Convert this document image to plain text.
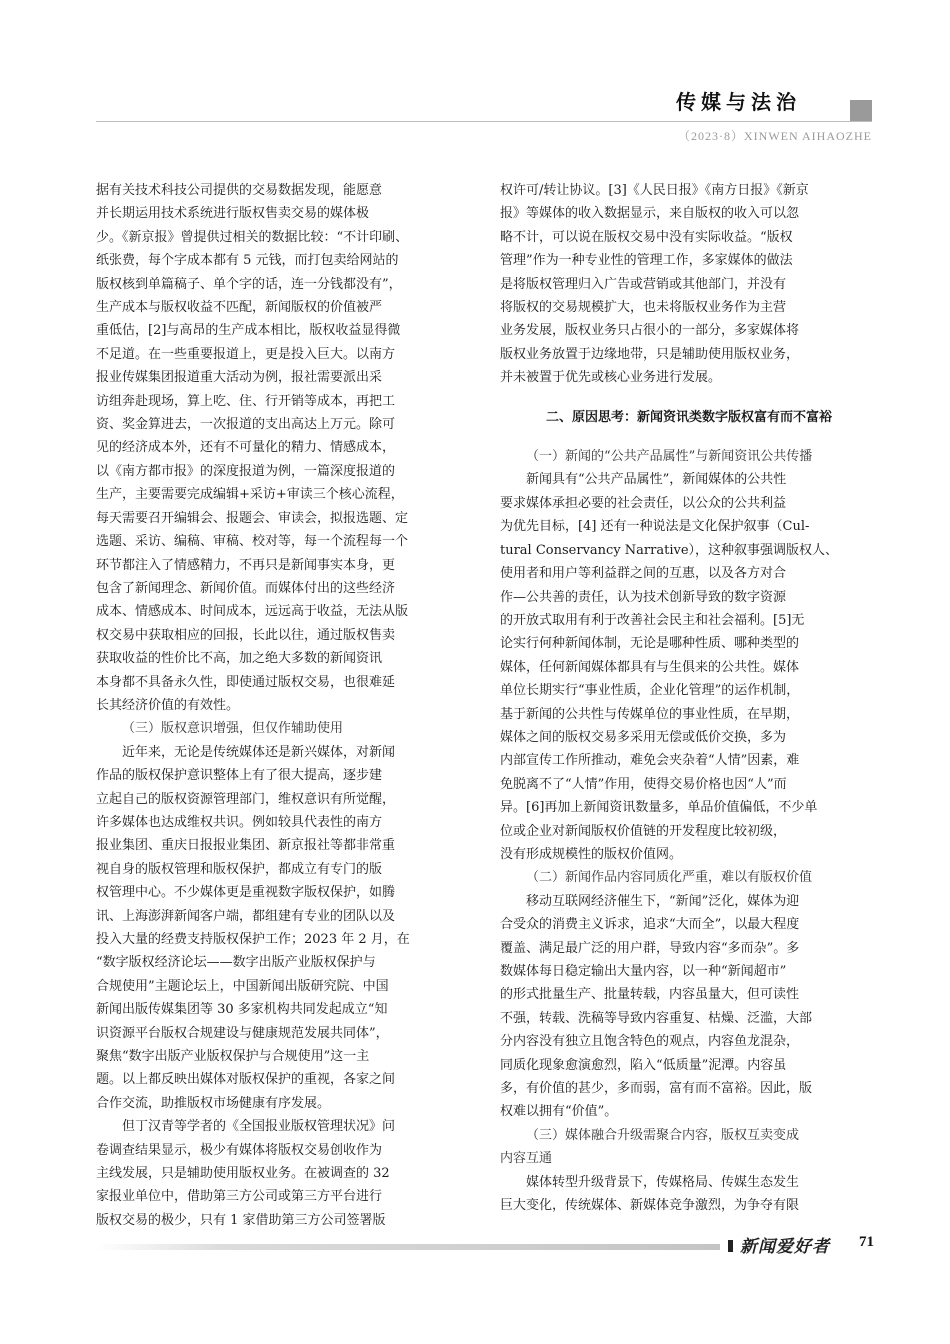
传媒与法治
（2023·8）XINWEN AIHAOZHE

据有关技术科技公司提供的交易数据发现，能愿意

并长期运用技术系统进行版权售卖交易的媒体极

少。《新京报》曾提供过相关的数据比较：“不计印刷、

纸张费，每个字成本都有 5 元钱，而打包卖给网站的

版权核到单篇稿子、单个字的话，连一分钱都没有”，

生产成本与版权收益不匹配，新闻版权的价值被严

重低估，[2]与高昂的生产成本相比，版权收益显得微

不足道。在一些重要报道上，更是投入巨大。以南方

报业传媒集团报道重大活动为例，报社需要派出采

访组奔赴现场，算上吃、住、行开销等成本，再把工

资、奖金算进去，一次报道的支出高达上万元。除可

见的经济成本外，还有不可量化的精力、情感成本，

以《南方都市报》的深度报道为例，一篇深度报道的

生产，主要需要完成编辑+采访+审读三个核心流程，

每天需要召开编辑会、报题会、审读会，拟报选题、定

选题、采访、编稿、审稿、校对等，每一个流程每一个

环节都注入了情感精力，不再只是新闻事实本身，更

包含了新闻理念、新闻价值。而媒体付出的这些经济

成本、情感成本、时间成本，远远高于收益，无法从版

权交易中获取相应的回报，长此以往，通过版权售卖

获取收益的性价比不高，加之绝大多数的新闻资讯

本身都不具备永久性，即使通过版权交易，也很难延

长其经济价值的有效性。

（三）版权意识增强，但仅作辅助使用

近年来，无论是传统媒体还是新兴媒体，对新闻

作品的版权保护意识整体上有了很大提高，逐步建

立起自己的版权资源管理部门，维权意识有所觉醒，

许多媒体也达成维权共识。例如较具代表性的南方

报业集团、重庆日报报业集团、新京报社等都非常重

视自身的版权管理和版权保护，都成立有专门的版

权管理中心。不少媒体更是重视数字版权保护，如腾

讯、上海澎湃新闻客户端，都组建有专业的团队以及

投入大量的经费支持版权保护工作；2023 年 2 月，在

“数字版权经济论坛——数字出版产业版权保护与

合规使用”主题论坛上，中国新闻出版研究院、中国

新闻出版传媒集团等 30 多家机构共同发起成立“知

识资源平台版权合规建设与健康规范发展共同体”，

聚焦“数字出版产业版权保护与合规使用”这一主

题。以上都反映出媒体对版权保护的重视，各家之间

合作交流，助推版权市场健康有序发展。

但丁汉青等学者的《全国报业版权管理状况》问

卷调查结果显示，极少有媒体将版权交易创收作为

主线发展，只是辅助使用版权业务。在被调查的 32

家报业单位中，借助第三方公司或第三方平台进行

版权交易的极少，只有 1 家借助第三方公司签署版

权许可/转让协议。[3]《人民日报》《南方日报》《新京

报》等媒体的收入数据显示，来自版权的收入可以忽

略不计，可以说在版权交易中没有实际收益。“版权

管理”作为一种专业性的管理工作，多家媒体的做法

是将版权管理归入广告或营销或其他部门，并没有

将版权的交易规模扩大，也未将版权业务作为主营

业务发展，版权业务只占很小的一部分，多家媒体将

版权业务放置于边缘地带，只是辅助使用版权业务，

并未被置于优先或核心业务进行发展。

二、原因思考：新闻资讯类数字版权富有而不富裕

（一）新闻的“公共产品属性”与新闻资讯公共传播

新闻具有“公共产品属性”，新闻媒体的公共性

要求媒体承担必要的社会责任，以公众的公共利益

为优先目标，[4] 还有一种说法是文化保护叙事（Cul-

tural Conservancy Narrative），这种叙事强调版权人、

使用者和用户等利益群之间的互惠，以及各方对合

作—公共善的责任，认为技术创新导致的数字资源

的开放式取用有利于改善社会民主和社会福利。[5]无

论实行何种新闻体制，无论是哪种性质、哪种类型的

媒体，任何新闻媒体都具有与生俱来的公共性。媒体

单位长期实行“事业性质，企业化管理”的运作机制，

基于新闻的公共性与传媒单位的事业性质，在早期，

媒体之间的版权交易多采用无偿或低价交换，多为

内部宣传工作所推动，难免会夹杂着“人情”因素，难

免脱离不了“人情”作用，使得交易价格也因“人”而

异。[6]再加上新闻资讯数量多，单品价值偏低，不少单

位或企业对新闻版权价值链的开发程度比较初级，

没有形成规模性的版权价值网。

（二）新闻作品内容同质化严重，难以有版权价值

移动互联网经济催生下，“新闻”泛化，媒体为迎

合受众的消费主义诉求，追求“大而全”，以最大程度

覆盖、满足最广泛的用户群，导致内容“多而杂”。多

数媒体每日稳定输出大量内容，以一种“新闻超市”

的形式批量生产、批量转载，内容虽量大，但可读性

不强，转载、洗稿等导致内容重复、枯燥、泛滥，大部

分内容没有独立且饱含特色的观点，内容鱼龙混杂，

同质化现象愈演愈烈，陷入“低质量”泥潭。内容虽

多，有价值的甚少，多而弱，富有而不富裕。因此，版

权难以拥有“价值”。

（三）媒体融合升级需聚合内容，版权互卖变成

内容互通

媒体转型升级背景下，传媒格局、传媒生态发生

巨大变化，传统媒体、新媒体竞争激烈，为争夺有限

新闻爱好者	71
